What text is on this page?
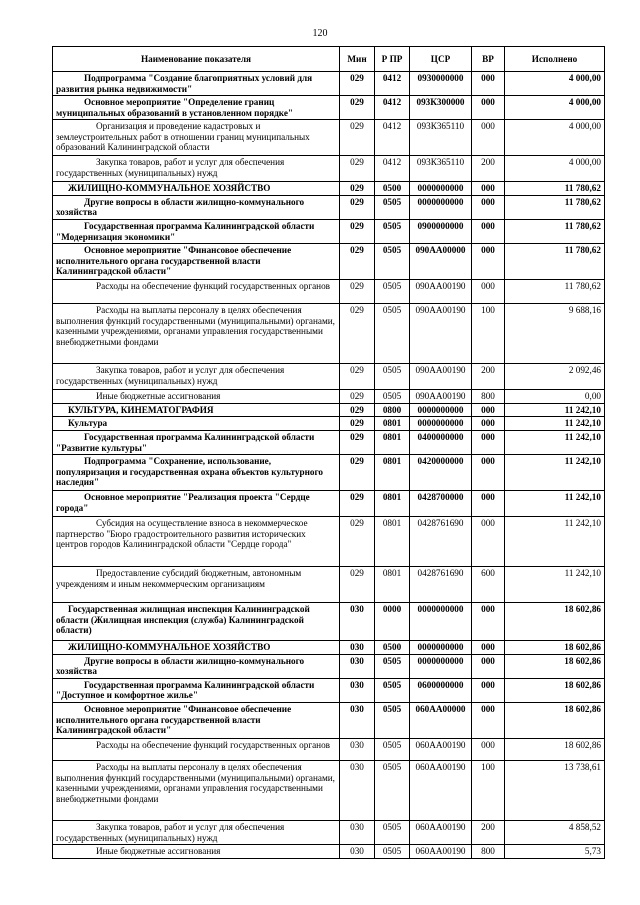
120
Наименование показателя	Мин	Р ПР	ЦСР	ВР	Исполнено
Подпрограмма "Создание благоприятных условий для развития рынка недвижимости"	029	0412	0930000000	000	4 000,00
Основное мероприятие "Определение границ муниципальных образований в установленном порядке"	029	0412	093К300000	000	4 000,00
Организация и проведение кадастровых и землеустроительных работ в отношении границ муниципальных образований Калининградской области	029	0412	093К365110	000	4 000,00
Закупка товаров, работ и услуг для обеспечения государственных (муниципальных) нужд	029	0412	093К365110	200	4 000,00
ЖИЛИЩНО-КОММУНАЛЬНОЕ ХОЗЯЙСТВО	029	0500	0000000000	000	11 780,62
Другие вопросы в области жилищно-коммунального хозяйства	029	0505	0000000000	000	11 780,62
Государственная программа Калининградской области "Модернизация экономики"	029	0505	0900000000	000	11 780,62
Основное мероприятие "Финансовое обеспечение исполнительного органа государственной власти Калининградской области"	029	0505	090АА00000	000	11 780,62
Расходы на обеспечение функций государственных органов	029	0505	090АА00190	000	11 780,62
Расходы на выплаты персоналу в целях обеспечения выполнения функций государственными (муниципальными) органами, казенными учреждениями, органами управления государственными внебюджетными фондами	029	0505	090АА00190	100	9 688,16
Закупка товаров, работ и услуг для обеспечения государственных (муниципальных) нужд	029	0505	090АА00190	200	2 092,46
Иные бюджетные ассигнования	029	0505	090АА00190	800	0,00
КУЛЬТУРА, КИНЕМАТОГРАФИЯ	029	0800	0000000000	000	11 242,10
Культура	029	0801	0000000000	000	11 242,10
Государственная программа Калининградской области "Развитие культуры"	029	0801	0400000000	000	11 242,10
Подпрограмма "Сохранение, использование, популяризация и государственная охрана объектов культурного наследия"	029	0801	0420000000	000	11 242,10
Основное мероприятие "Реализация проекта "Сердце города"	029	0801	0428700000	000	11 242,10
Субсидия на осуществление взноса в некоммерческое партнерство "Бюро градостроительного развития исторических центров городов Калининградской области "Сердце города"	029	0801	0428761690	000	11 242,10
Предоставление субсидий бюджетным, автономным учреждениям и иным некоммерческим организациям	029	0801	0428761690	600	11 242,10
Государственная жилищная инспекция Калининградской области (Жилищная инспекция (служба) Калининградской области)	030	0000	0000000000	000	18 602,86
ЖИЛИЩНО-КОММУНАЛЬНОЕ ХОЗЯЙСТВО	030	0500	0000000000	000	18 602,86
Другие вопросы в области жилищно-коммунального хозяйства	030	0505	0000000000	000	18 602,86
Государственная программа Калининградской области "Доступное и комфортное жилье"	030	0505	0600000000	000	18 602,86
Основное мероприятие "Финансовое обеспечение исполнительного органа государственной власти Калининградской области"	030	0505	060АА00000	000	18 602,86
Расходы на обеспечение функций государственных органов	030	0505	060АА00190	000	18 602,86
Расходы на выплаты персоналу в целях обеспечения выполнения функций государственными (муниципальными) органами, казенными учреждениями, органами управления государственными внебюджетными фондами	030	0505	060АА00190	100	13 738,61
Закупка товаров, работ и услуг для обеспечения государственных (муниципальных) нужд	030	0505	060АА00190	200	4 858,52
Иные бюджетные ассигнования	030	0505	060АА00190	800	5,73
